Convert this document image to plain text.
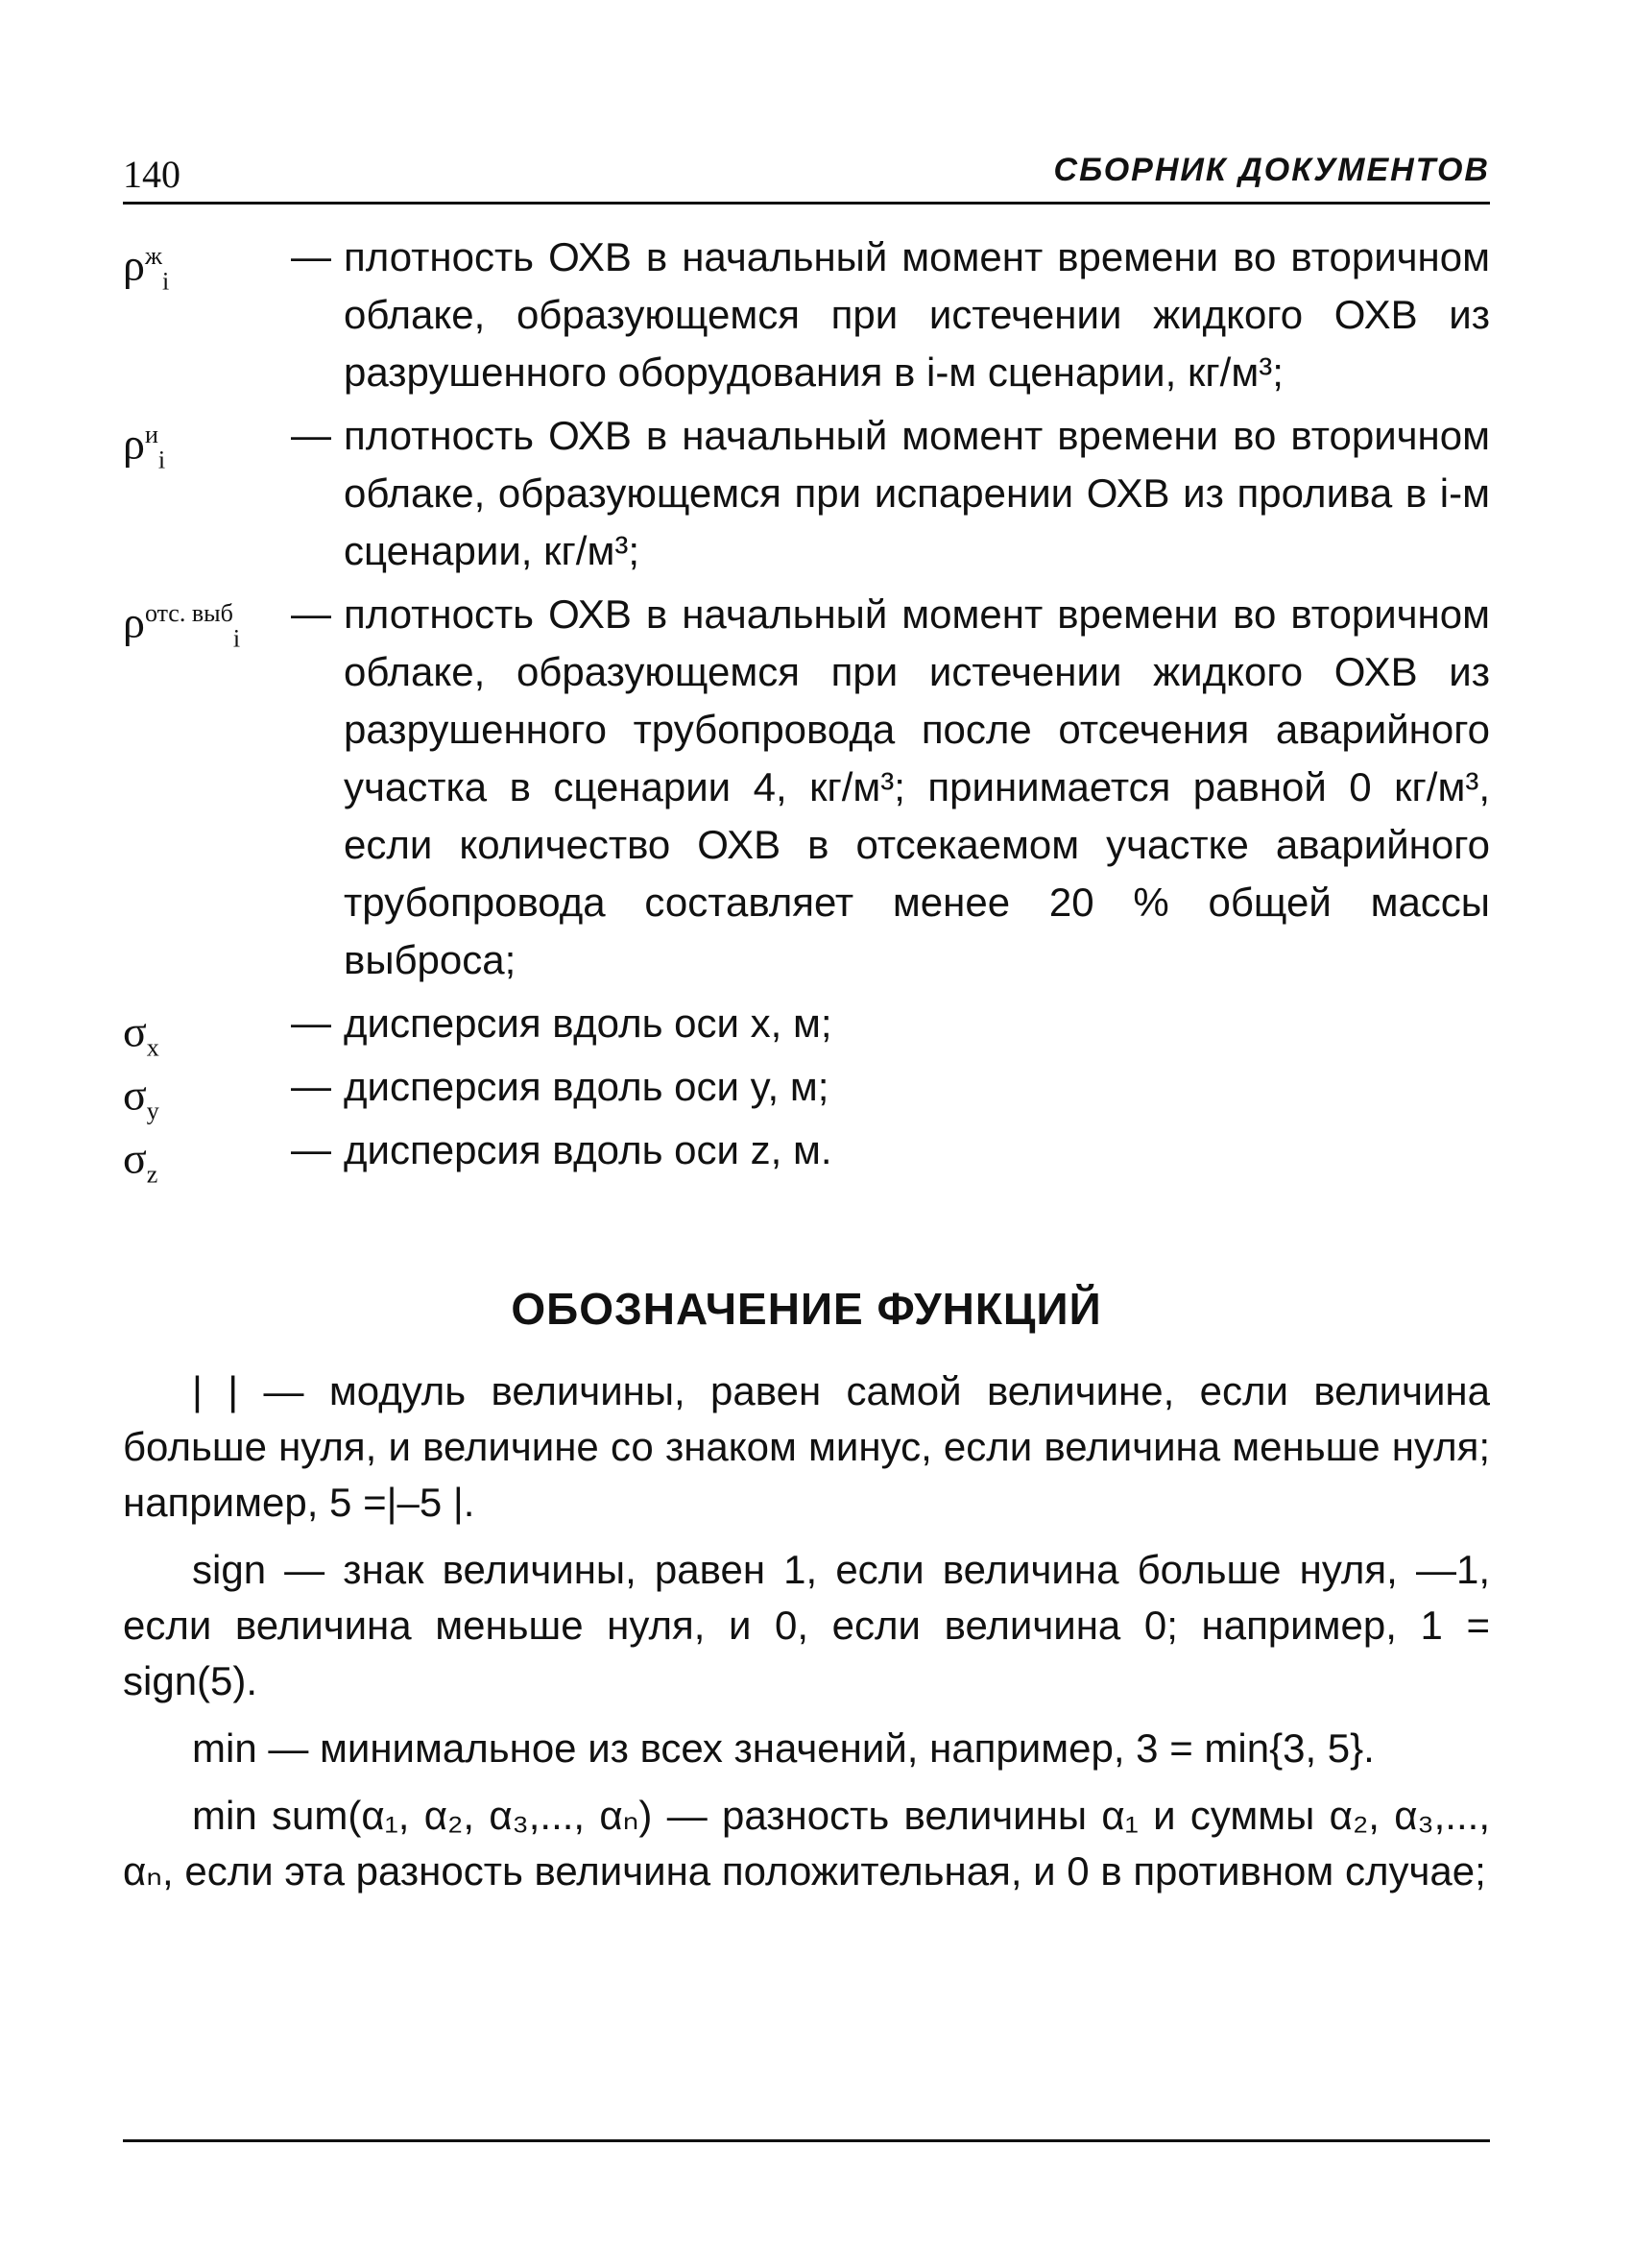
140	СБОРНИК ДОКУМЕНТОВ
$\rho^ж_i$
— плотность ОХВ в начальный момент времени во вторичном облаке, образующемся при истечении жидкого ОХВ из разрушенного оборудования в i-м сценарии, кг/м³;
$\rho^и_i$
— плотность ОХВ в начальный момент времени во вторичном облаке, образующемся при испарении ОХВ из пролива в i-м сценарии, кг/м³;
$\rho^{отс. выб}_i$
— плотность ОХВ в начальный момент времени во вторичном облаке, образующемся при истечении жидкого ОХВ из разрушенного трубопровода после отсечения аварийного участка в сценарии 4, кг/м³; принимается равной 0 кг/м³, если количество ОХВ в отсекаемом участке аварийного трубопровода составляет менее 20 % общей массы выброса;
$\sigma_x$
— дисперсия вдоль оси x, м;
$\sigma_y$
— дисперсия вдоль оси y, м;
$\sigma_z$
— дисперсия вдоль оси z, м.
ОБОЗНАЧЕНИЕ ФУНКЦИЙ

| | — модуль величины, равен самой величине, если величина больше нуля, и величине со знаком минус, если величина меньше нуля; например, 5 =|–5 |.

sign — знак величины, равен 1, если величина больше нуля, —1, если величина меньше нуля, и 0, если величина 0; например, 1 = sign(5).

min — минимальное из всех значений, например, 3 = min{3, 5}.

min sum(α₁, α₂, α₃,..., αₙ) — разность величины α₁ и суммы α₂, α₃,..., αₙ, если эта разность величина положительная, и 0 в противном случае;
